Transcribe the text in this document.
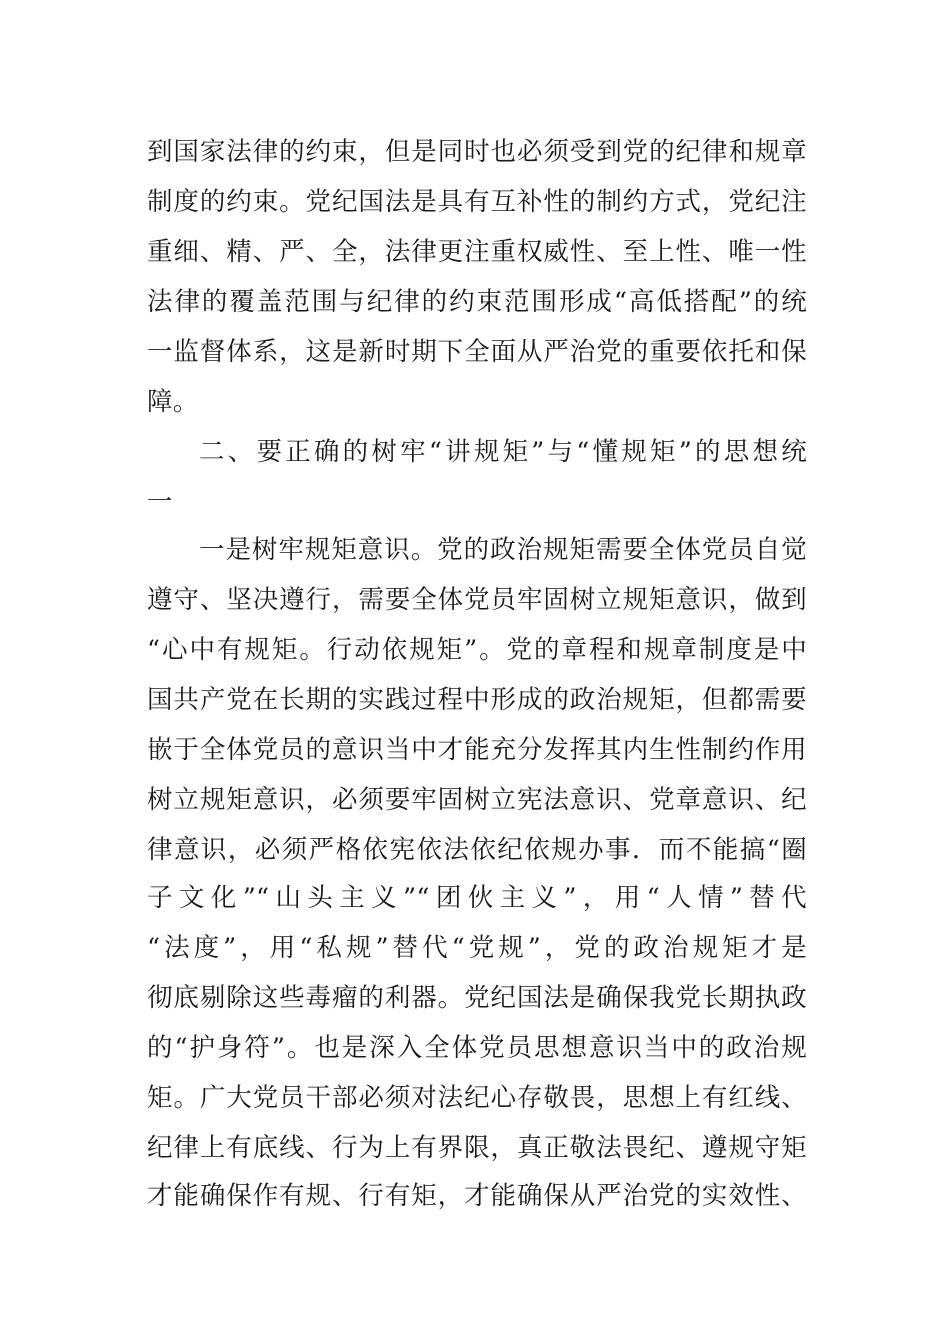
到国家法律的约束，但是同时也必须受到党的纪律和规章
制度的约束。党纪国法是具有互补性的制约方式，党纪注
重细、精、严、全，法律更注重权威性、至上性、唯一性
法律的覆盖范围与纪律的约束范围形成“高低搭配”的统
一监督体系，这是新时期下全面从严治党的重要依托和保
障。
二、要正确的树牢“讲规矩”与“懂规矩”的思想统
一
一是树牢规矩意识。党的政治规矩需要全体党员自觉
遵守、坚决遵行，需要全体党员牢固树立规矩意识，做到
“心中有规矩。行动依规矩”。党的章程和规章制度是中
国共产党在长期的实践过程中形成的政治规矩，但都需要
嵌于全体党员的意识当中才能充分发挥其内生性制约作用
树立规矩意识，必须要牢固树立宪法意识、党章意识、纪
律意识，必须严格依宪依法依纪依规办事．而不能搞“圈
子文化”“山头主义”“团伙主义”，用“人情”替代
“法度”，用“私规”替代“党规”，党的政治规矩才是
彻底剔除这些毒瘤的利器。党纪国法是确保我党长期执政
的“护身符”。也是深入全体党员思想意识当中的政治规
矩。广大党员干部必须对法纪心存敬畏，思想上有红线、
纪律上有底线、行为上有界限，真正敬法畏纪、遵规守矩
才能确保作有规、行有矩，才能确保从严治党的实效性、
